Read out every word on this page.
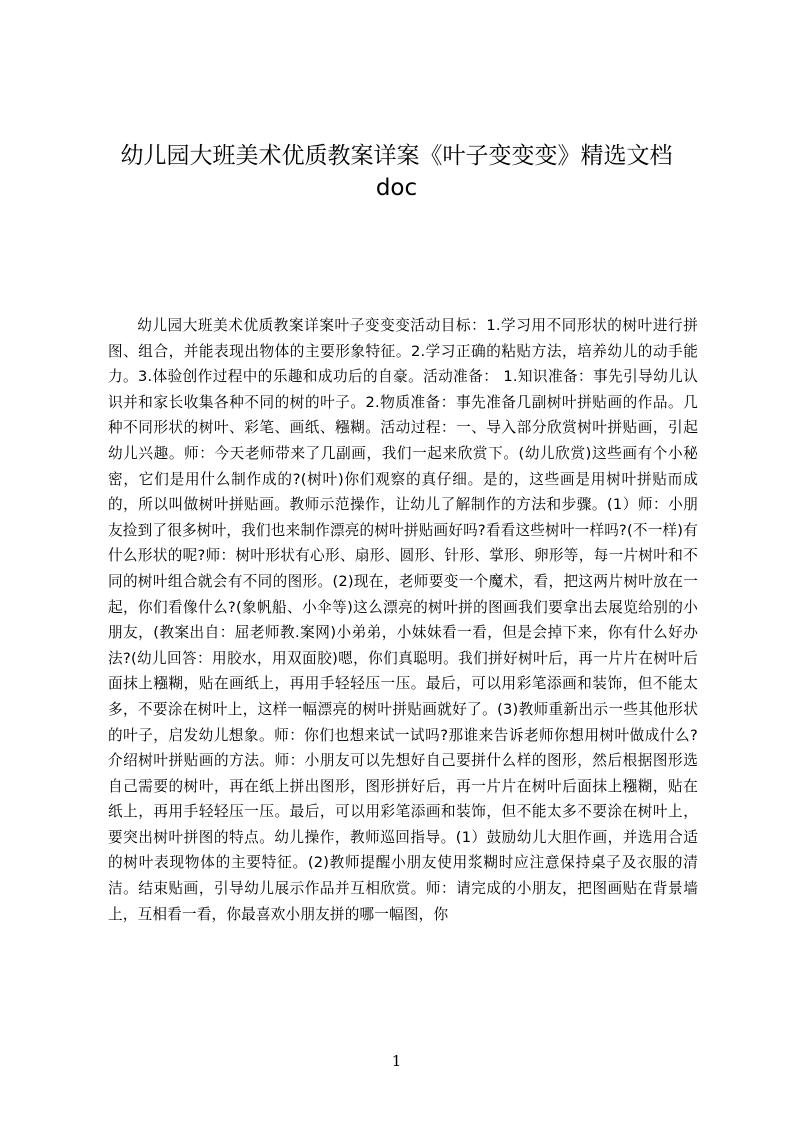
幼儿园大班美术优质教案详案《叶子变变变》精选文档
doc

幼儿园大班美术优质教案详案叶子变变变活动目标：1.学习用不同形状的树叶进行拼图、组合，并能表现出物体的主要形象特征。2.学习正确的粘贴方法，培养幼儿的动手能力。3.体验创作过程中的乐趣和成功后的自豪。活动准备： 1.知识准备：事先引导幼儿认识并和家长收集各种不同的树的叶子。2.物质准备：事先准备几副树叶拼贴画的作品。几种不同形状的树叶、彩笔、画纸、糨糊。活动过程：一、导入部分欣赏树叶拼贴画，引起幼儿兴趣。师：今天老师带来了几副画，我们一起来欣赏下。(幼儿欣赏)这些画有个小秘密，它们是用什么制作成的?(树叶)你们观察的真仔细。是的，这些画是用树叶拼贴而成的，所以叫做树叶拼贴画。教师示范操作，让幼儿了解制作的方法和步骤。(1）师：小朋友捡到了很多树叶，我们也来制作漂亮的树叶拼贴画好吗?看看这些树叶一样吗?(不一样)有什么形状的呢?师：树叶形状有心形、扇形、圆形、针形、掌形、卵形等，每一片树叶和不同的树叶组合就会有不同的图形。(2)现在，老师要变一个魔术，看，把这两片树叶放在一起，你们看像什么?(象帆船、小伞等)这么漂亮的树叶拼的图画我们要拿出去展览给别的小朋友，(教案出自：屈老师教.案网)小弟弟，小妹妹看一看，但是会掉下来，你有什么好办法?(幼儿回答：用胶水，用双面胶)嗯，你们真聪明。我们拼好树叶后，再一片片在树叶后面抹上糨糊，贴在画纸上，再用手轻轻压一压。最后，可以用彩笔添画和装饰，但不能太多，不要涂在树叶上，这样一幅漂亮的树叶拼贴画就好了。(3)教师重新出示一些其他形状的叶子，启发幼儿想象。师：你们也想来试一试吗?那谁来告诉老师你想用树叶做成什么?介绍树叶拼贴画的方法。师：小朋友可以先想好自己要拼什么样的图形，然后根据图形选自己需要的树叶，再在纸上拼出图形，图形拼好后，再一片片在树叶后面抹上糨糊，贴在纸上，再用手轻轻压一压。最后，可以用彩笔添画和装饰，但不能太多不要涂在树叶上，要突出树叶拼图的特点。幼儿操作，教师巡回指导。(1）鼓励幼儿大胆作画，并选用合适的树叶表现物体的主要特征。(2)教师提醒小朋友使用浆糊时应注意保持桌子及衣服的清洁。结束贴画，引导幼儿展示作品并互相欣赏。师：请完成的小朋友，把图画贴在背景墙上，互相看一看，你最喜欢小朋友拼的哪一幅图，你

1
